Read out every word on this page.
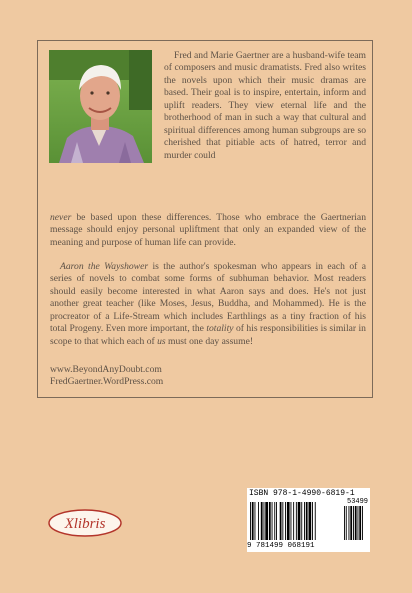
Fred and Marie Gaertner are a husband-wife team of composers and music dramatists. Fred also writes the novels upon which their music dramas are based. Their goal is to inspire, entertain, inform and uplift readers. They view eternal life and the brotherhood of man in such a way that cultural and spiritual differences among human subgroups are so cherished that pitiable acts of hatred, terror and murder could
never be based upon these differences. Those who embrace the Gaertnerian message should enjoy personal upliftment that only an expanded view of the meaning and purpose of human life can provide.
Aaron the Wayshower is the author's spokesman who appears in each of a series of novels to combat some forms of subhuman behavior. Most readers should easily become interested in what Aaron says and does. He's not just another great teacher (like Moses, Jesus, Buddha, and Mohammed). He is the procreator of a Life-Stream which includes Earthlings as a tiny fraction of his total Progeny. Even more important, the totality of his responsibilities is similar in scope to that which each of us must one day assume!
www.BeyondAnyDoubt.com
FredGaertner.WordPress.com
Xlibris
ISBN 978-1-4990-6819-1
53499
9 781499 068191
